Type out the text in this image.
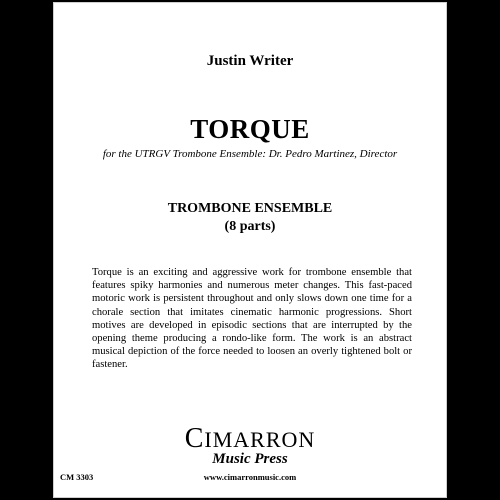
Justin Writer
TORQUE
for the UTRGV Trombone Ensemble: Dr. Pedro Martinez, Director
TROMBONE ENSEMBLE
(8 parts)
Torque is an exciting and aggressive work for trombone ensemble that features spiky harmonies and numerous meter changes. This fast-paced motoric work is persistent throughout and only slows down one time for a chorale section that imitates cinematic harmonic progressions. Short motives are developed in episodic sections that are interrupted by the opening theme producing a rondo-like form. The work is an abstract musical depiction of the force needed to loosen an overly tightened bolt or fastener.
CIMARRON
Music Press
www.cimarronmusic.com
CM 3303
